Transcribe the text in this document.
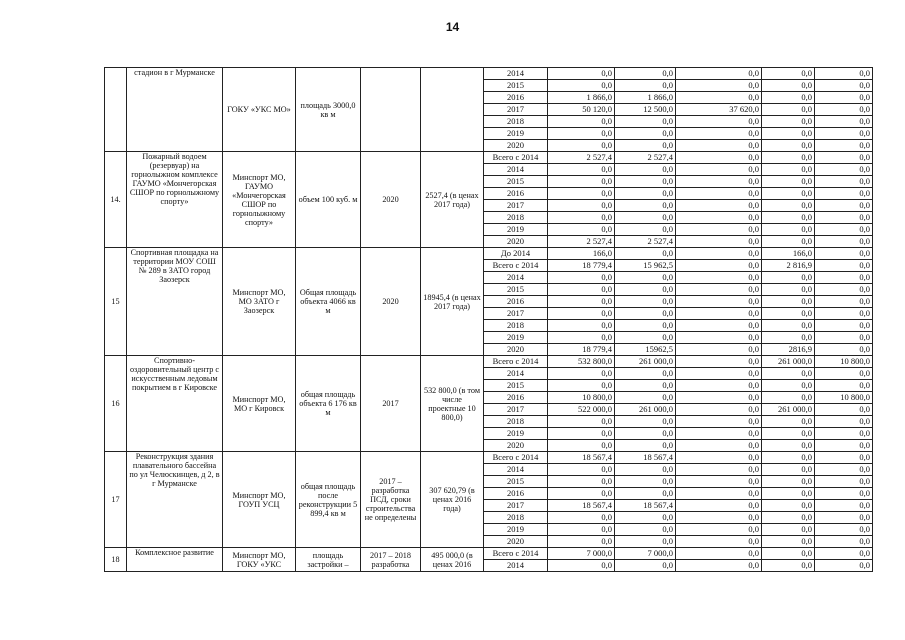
14
	стадион в г Мурманске	ГОКУ «УКС МО»	площадь 3000,0 кв м			2014	0,0	0,0	0,0	0,0	0,0
						2015	0,0	0,0	0,0	0,0	0,0
						2016	1 866,0	1 866,0	0,0	0,0	0,0
						2017	50 120,0	12 500,0	37 620,0	0,0	0,0
						2018	0,0	0,0	0,0	0,0	0,0
						2019	0,0	0,0	0,0	0,0	0,0
						2020	0,0	0,0	0,0	0,0	0,0
14.	Пожарный водоем (резервуар) на горнолыжном комплексе ГАУМО «Мончегорская СШОР по горнолыжному спорту»	Минспорт МО, ГАУМО «Мончегорская СШОР по горнолыжному спорту»	объем 100 куб. м	2020	2527,4 (в ценах 2017 года)	Всего с 2014	2 527,4	2 527,4	0,0	0,0	0,0
						2014	0,0	0,0	0,0	0,0	0,0
						2015	0,0	0,0	0,0	0,0	0,0
						2016	0,0	0,0	0,0	0,0	0,0
						2017	0,0	0,0	0,0	0,0	0,0
						2018	0,0	0,0	0,0	0,0	0,0
						2019	0,0	0,0	0,0	0,0	0,0
						2020	2 527,4	2 527,4	0,0	0,0	0,0
15	Спортивная площадка на территории МОУ СОШ № 289 в ЗАТО город Заозерск	Минспорт МО, МО ЗАТО г Заозерск	Общая площадь объекта 4066 кв м	2020	18945,4 (в ценах 2017 года)	До 2014	166,0	0,0	0,0	166,0	0,0
						Всего с 2014	18 779,4	15 962,5	0,0	2 816,9	0,0
						2014	0,0	0,0	0,0	0,0	0,0
						2015	0,0	0,0	0,0	0,0	0,0
						2016	0,0	0,0	0,0	0,0	0,0
						2017	0,0	0,0	0,0	0,0	0,0
						2018	0,0	0,0	0,0	0,0	0,0
						2019	0,0	0,0	0,0	0,0	0,0
						2020	18 779,4	15962,5	0,0	2816,9	0,0
16	Спортивно-оздоровительный центр с искусственным ледовым покрытием в г Кировске	Минспорт МО, МО г Кировск	общая площадь объекта 6 176 кв м	2017	532 800,0 (в том числе проектные 10 800,0)	Всего с 2014	532 800,0	261 000,0	0,0	261 000,0	10 800,0
						2014	0,0	0,0	0,0	0,0	0,0
						2015	0,0	0,0	0,0	0,0	0,0
						2016	10 800,0	0,0	0,0	0,0	10 800,0
						2017	522 000,0	261 000,0	0,0	261 000,0	0,0
						2018	0,0	0,0	0,0	0,0	0,0
						2019	0,0	0,0	0,0	0,0	0,0
						2020	0,0	0,0	0,0	0,0	0,0
17	Реконструкция здания плавательного бассейна по ул Челюскинцев, д 2, в г Мурманске	Минспорт МО, ГОУП УСЦ	общая площадь после реконструкции 5 899,4 кв м	2017 – разработка ПСД, сроки строительства не определены	307 620,79 (в ценах 2016 года)	Всего с 2014	18 567,4	18 567,4	0,0	0,0	0,0
						2014	0,0	0,0	0,0	0,0	0,0
						2015	0,0	0,0	0,0	0,0	0,0
						2016	0,0	0,0	0,0	0,0	0,0
						2017	18 567,4	18 567,4	0,0	0,0	0,0
						2018	0,0	0,0	0,0	0,0	0,0
						2019	0,0	0,0	0,0	0,0	0,0
						2020	0,0	0,0	0,0	0,0	0,0
18	Комплексное развитие	Минспорт МО, ГОКУ «УКС	площадь застройки –	2017 – 2018 разработка	495 000,0 (в ценах 2016	Всего с 2014	7 000,0	7 000,0	0,0	0,0	0,0
						2014	0,0	0,0	0,0	0,0	0,0
